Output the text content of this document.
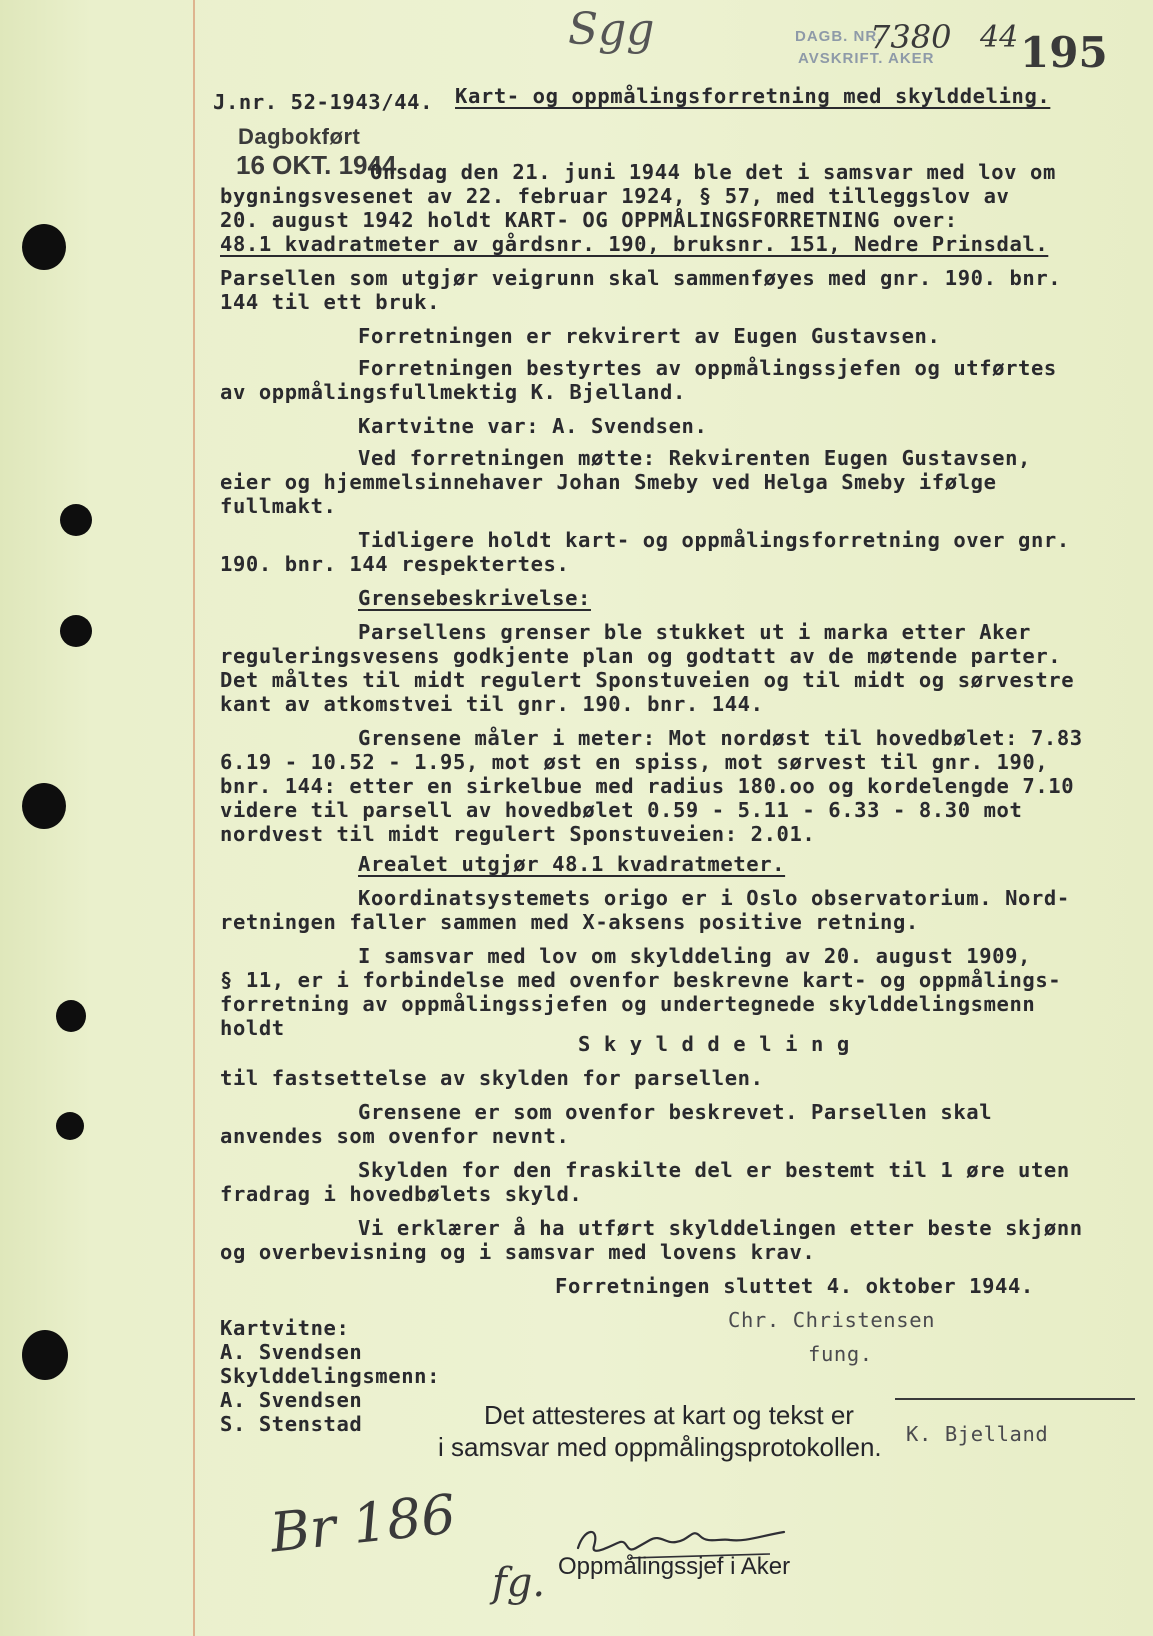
Sgg	DAGB. NR.
AVSKRIFT. AKER
7380 44 195
J.nr. 52-1943/44. Kart- og oppmålingsforretning med skylddeling.
Dagbokført
16 OKT. 1944
Onsdag den 21. juni 1944 ble det i samsvar med lov om
bygningsvesenet av 22. februar 1924, § 57, med tilleggslov av
20. august 1942 holdt KART- OG OPPMÅLINGSFORRETNING over:
48.1 kvadratmeter av gårdsnr. 190, bruksnr. 151, Nedre Prinsdal.
Parsellen som utgjør veigrunn skal sammenføyes med gnr. 190. bnr.
144 til ett bruk.
Forretningen er rekvirert av Eugen Gustavsen.
Forretningen bestyrtes av oppmålingssjefen og utførtes
av oppmålingsfullmektig K. Bjelland.
Kartvitne var: A. Svendsen.
Ved forretningen møtte: Rekvirenten Eugen Gustavsen,
eier og hjemmelsinnehaver Johan Smeby ved Helga Smeby ifølge
fullmakt.
Tidligere holdt kart- og oppmålingsforretning over gnr.
190. bnr. 144 respektertes.
Grensebeskrivelse:
Parsellens grenser ble stukket ut i marka etter Aker
reguleringsvesens godkjente plan og godtatt av de møtende parter.
Det måltes til midt regulert Sponstuveien og til midt og sørvestre
kant av atkomstvei til gnr. 190. bnr. 144.
Grensene måler i meter: Mot nordøst til hovedbølet: 7.83
6.19 - 10.52 - 1.95, mot øst en spiss, mot sørvest til gnr. 190,
bnr. 144: etter en sirkelbue med radius 180.oo og kordelengde 7.10
videre til parsell av hovedbølet 0.59 - 5.11 - 6.33 - 8.30 mot
nordvest til midt regulert Sponstuveien: 2.01.
Arealet utgjør 48.1 kvadratmeter.
Koordinatsystemets origo er i Oslo observatorium. Nord-
retningen faller sammen med X-aksens positive retning.
I samsvar med lov om skylddeling av 20. august 1909,
§ 11, er i forbindelse med ovenfor beskrevne kart- og oppmålings-
forretning av oppmålingssjefen og undertegnede skylddelingsmenn
holdt
S k y l d d e l i n g
til fastsettelse av skylden for parsellen.
Grensene er som ovenfor beskrevet. Parsellen skal
anvendes som ovenfor nevnt.
Skylden for den fraskilte del er bestemt til 1 øre uten
fradrag i hovedbølets skyld.
Vi erklærer å ha utført skylddelingen etter beste skjønn
og overbevisning og i samsvar med lovens krav.
Forretningen sluttet 4. oktober 1944.
Kartvitne:
A. Svendsen
Skylddelingsmenn:
A. Svendsen
S. Stenstad
Chr. Christensen
fung.
K. Bjelland
Det attesteres at kart og tekst er
i samsvar med oppmålingsprotokollen.
Br 186
fg. Oppmålingssjef i Aker
